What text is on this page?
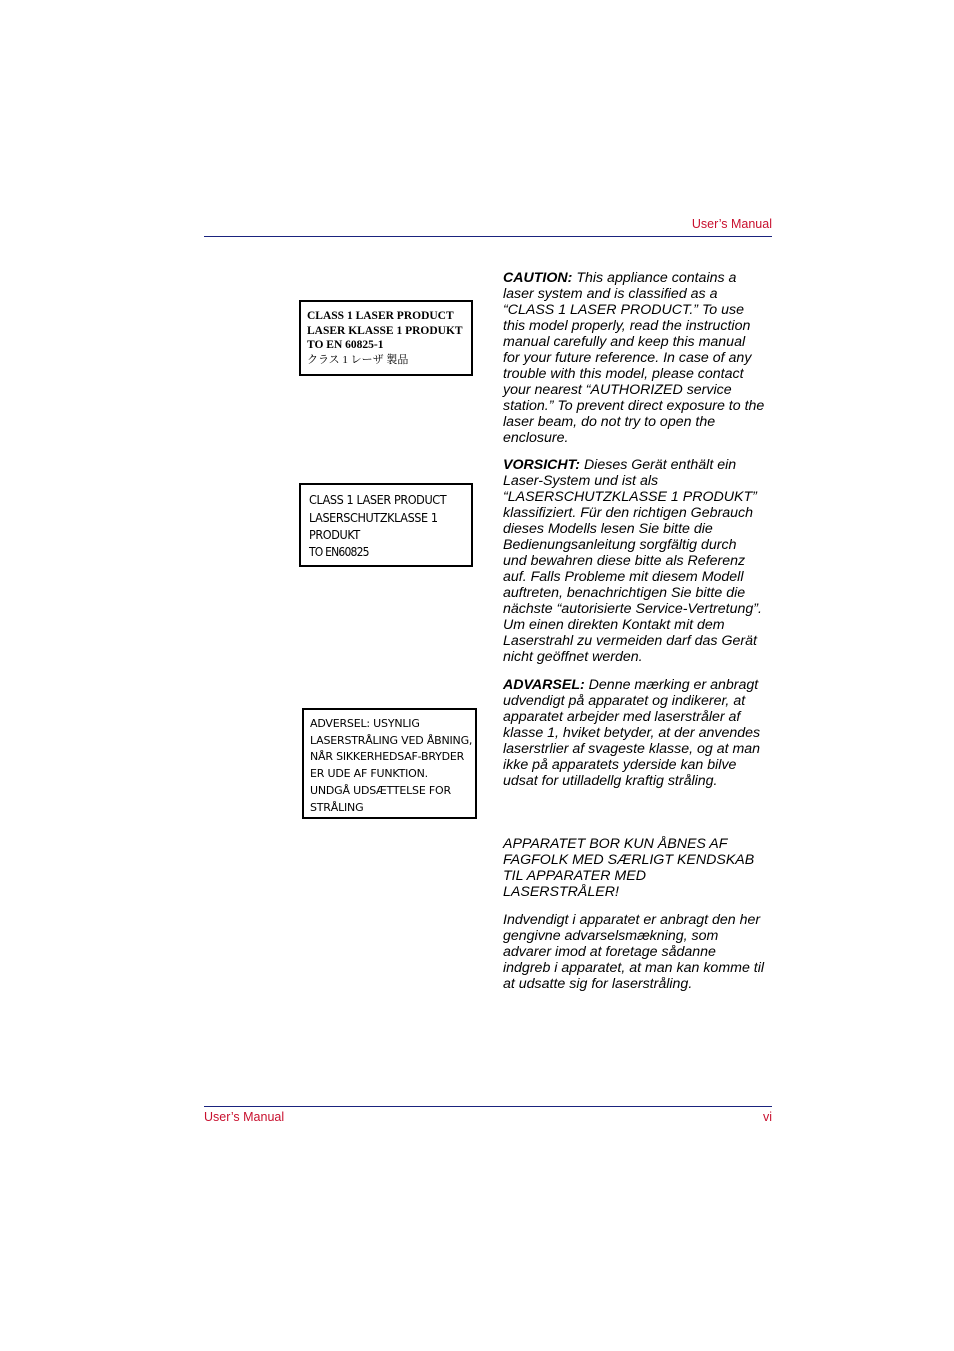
User’s Manual
CLASS 1 LASER PRODUCT
LASER KLASSE 1 PRODUKT
TO EN 60825-1
クラス 1 レーザ 製品
CLASS 1 LASER PRODUCT
LASERSCHUTZKLASSE 1
PRODUKT
TO EN60825
ADVERSEL: USYNLIG
LASERSTRÅLING VED ÅBNING,
NÅR SIKKERHEDSAF-BRYDER
ER UDE AF FUNKTION.
UNDGÅ UDSÆTTELSE FOR
STRÅLING
CAUTION: This appliance contains a
laser system and is classified as a
“CLASS 1 LASER PRODUCT.” To use
this model properly, read the instruction
manual carefully and keep this manual
for your future reference. In case of any
trouble with this model, please contact
your nearest “AUTHORIZED service
station.” To prevent direct exposure to the
laser beam, do not try to open the
enclosure.
VORSICHT: Dieses Gerät enthält ein
Laser-System und ist als
“LASERSCHUTZKLASSE 1 PRODUKT”
klassifiziert. Für den richtigen Gebrauch
dieses Modells lesen Sie bitte die
Bedienungsanleitung sorgfältig durch
und bewahren diese bitte als Referenz
auf. Falls Probleme mit diesem Modell
auftreten, benachrichtigen Sie bitte die
nächste “autorisierte Service-Vertretung”.
Um einen direkten Kontakt mit dem
Laserstrahl zu vermeiden darf das Gerät
nicht geöffnet werden.
ADVARSEL: Denne mærking er anbragt
udvendigt på apparatet og indikerer, at
apparatet arbejder med laserstråler af
klasse 1, hviket betyder, at der anvendes
laserstrlier af svageste klasse, og at man
ikke på apparatets yderside kan bilve
udsat for utilladellg kraftig stråling.
APPARATET BOR KUN ÅBNES AF
FAGFOLK MED SÆRLIGT KENDSKAB
TIL APPARATER MED
LASERSTRÅLER!
Indvendigt i apparatet er anbragt den her
gengivne advarselsmækning, som
advarer imod at foretage sådanne
indgreb i apparatet, at man kan komme til
at udsatte sig for laserstråling.
User’s Manual	vi
